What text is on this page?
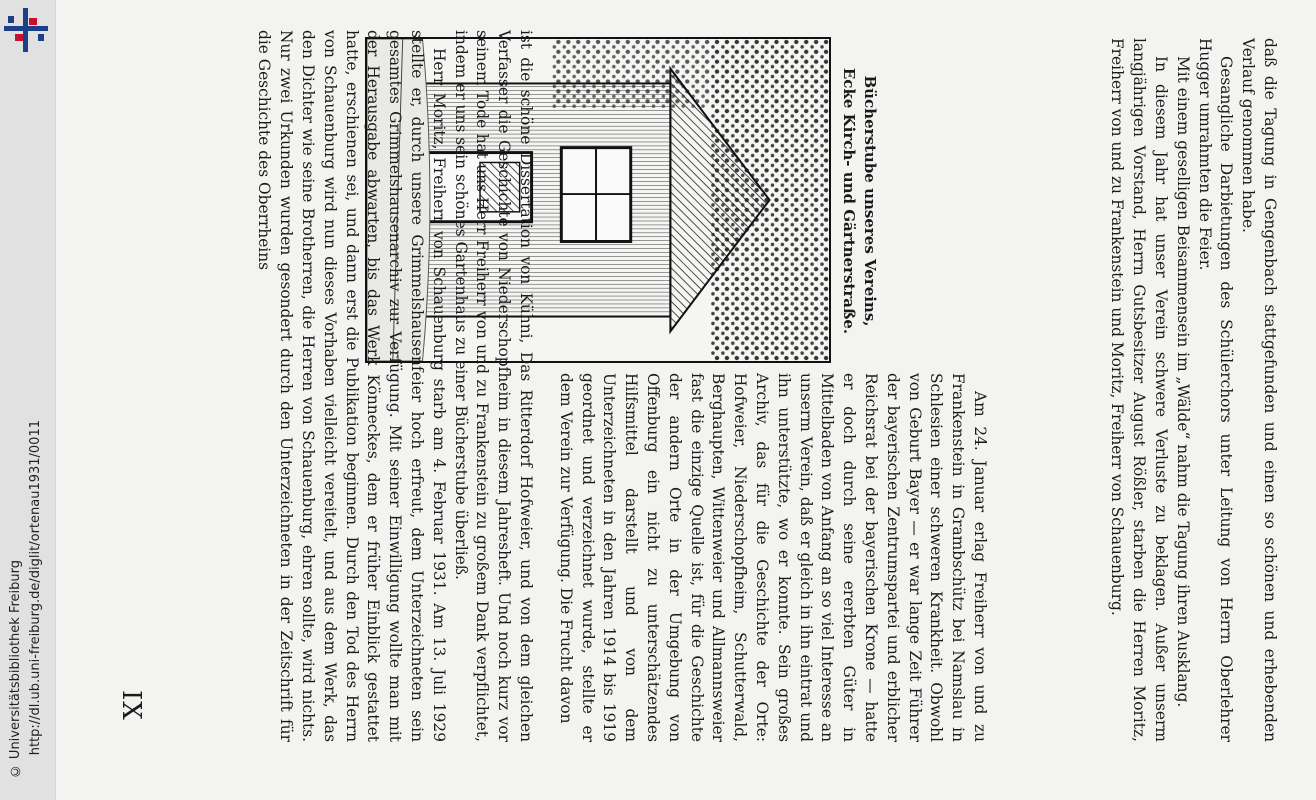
http://dl.ub.uni-freiburg.de/diglit/ortenau1931/0011
© Universitätsbibliothek Freiburg	IX	daß die Tagung in Gengenbach stattgefunden und einen so schönen und erhebenden Verlauf genommen habe.

Gesangliche Darbietungen des Schülerchors unter Leitung von Herrn Oberlehrer Hugger umrahmten die Feier.

Mit einem geselligen Beisammensein im „Wälde“ nahm die Tagung ihren Ausklang.

In diesem Jahr hat unser Verein schwere Verluste zu beklagen. Außer unserm langjährigen Vorstand, Herrn Gutsbesitzer August Rößler, starben die Herren Moritz, Freiherr von und zu Frankenstein und Moritz, Freiherr von Schauenburg.

Am 24. Januar erlag Freiherr von und zu Frankenstein in Grambschütz bei Namslau in Schlesien einer schweren Krankheit. Obwohl von Geburt Bayer — er war lange Zeit Führer der bayerischen Zentrumspartei und erblicher Reichsrat bei der bayerischen Krone — hatte er doch durch seine ererbten Güter in Mittelbaden von Anfang an so viel Interesse an unserm Verein, daß er gleich in ihn eintrat und ihn unterstützte, wo er konnte. Sein großes Archiv, das für die Geschichte der Orte: Hofweier, Niederschopfheim, Schutterwald, Berghaupten, Wittenweier und Allmannsweier fast die einzige Quelle ist, für die Geschichte der andern Orte in der Umgebung von Offenburg ein nicht zu unterschätzendes Hilfsmittel darstellt und von dem Unterzeichneten in den Jahren 1914 bis 1919 geordnet und verzeichnet wurde, stellte er dem Verein zur Verfügung. Die Frucht davon

Bücherstube unseres Vereins,
Ecke Kirch- und Gärtnerstraße.

ist die schöne Dissertation von Kühni, Das Ritterdorf Hofweier, und von dem gleichen Verfasser die Geschichte von Niederschopfheim in diesem Jahresheft. Und noch kurz vor seinem Tode hat uns Herr Freiherr von und zu Frankenstein zu großem Dank verpflichtet, indem er uns sein schönes Gartenhaus zu einer Bücherstube überließ.

Herr Moritz, Freiherr von Schauenburg starb am 4. Februar 1931. Am 13. Juli 1929 stellte er, durch unsere Grimmelshausenfeier hoch erfreut, dem Unterzeichneten sein gesamtes Grimmelshausenarchiv zur Verfügung. Mit seiner Einwilligung wollte man mit der Herausgabe abwarten, bis das Werk Könneckes, dem er früher Einblick gestattet hatte, erschienen sei, und dann erst die Publikation beginnen. Durch den Tod des Herrn von Schauenburg wird nun dieses Vorhaben vielleicht vereitelt, und aus dem Werk, das den Dichter wie seine Brotherren, die Herren von Schauenburg, ehren sollte, wird nichts. Nur zwei Urkunden wurden gesondert durch den Unterzeichneten in der Zeitschrift für die Geschichte des Oberrheins
